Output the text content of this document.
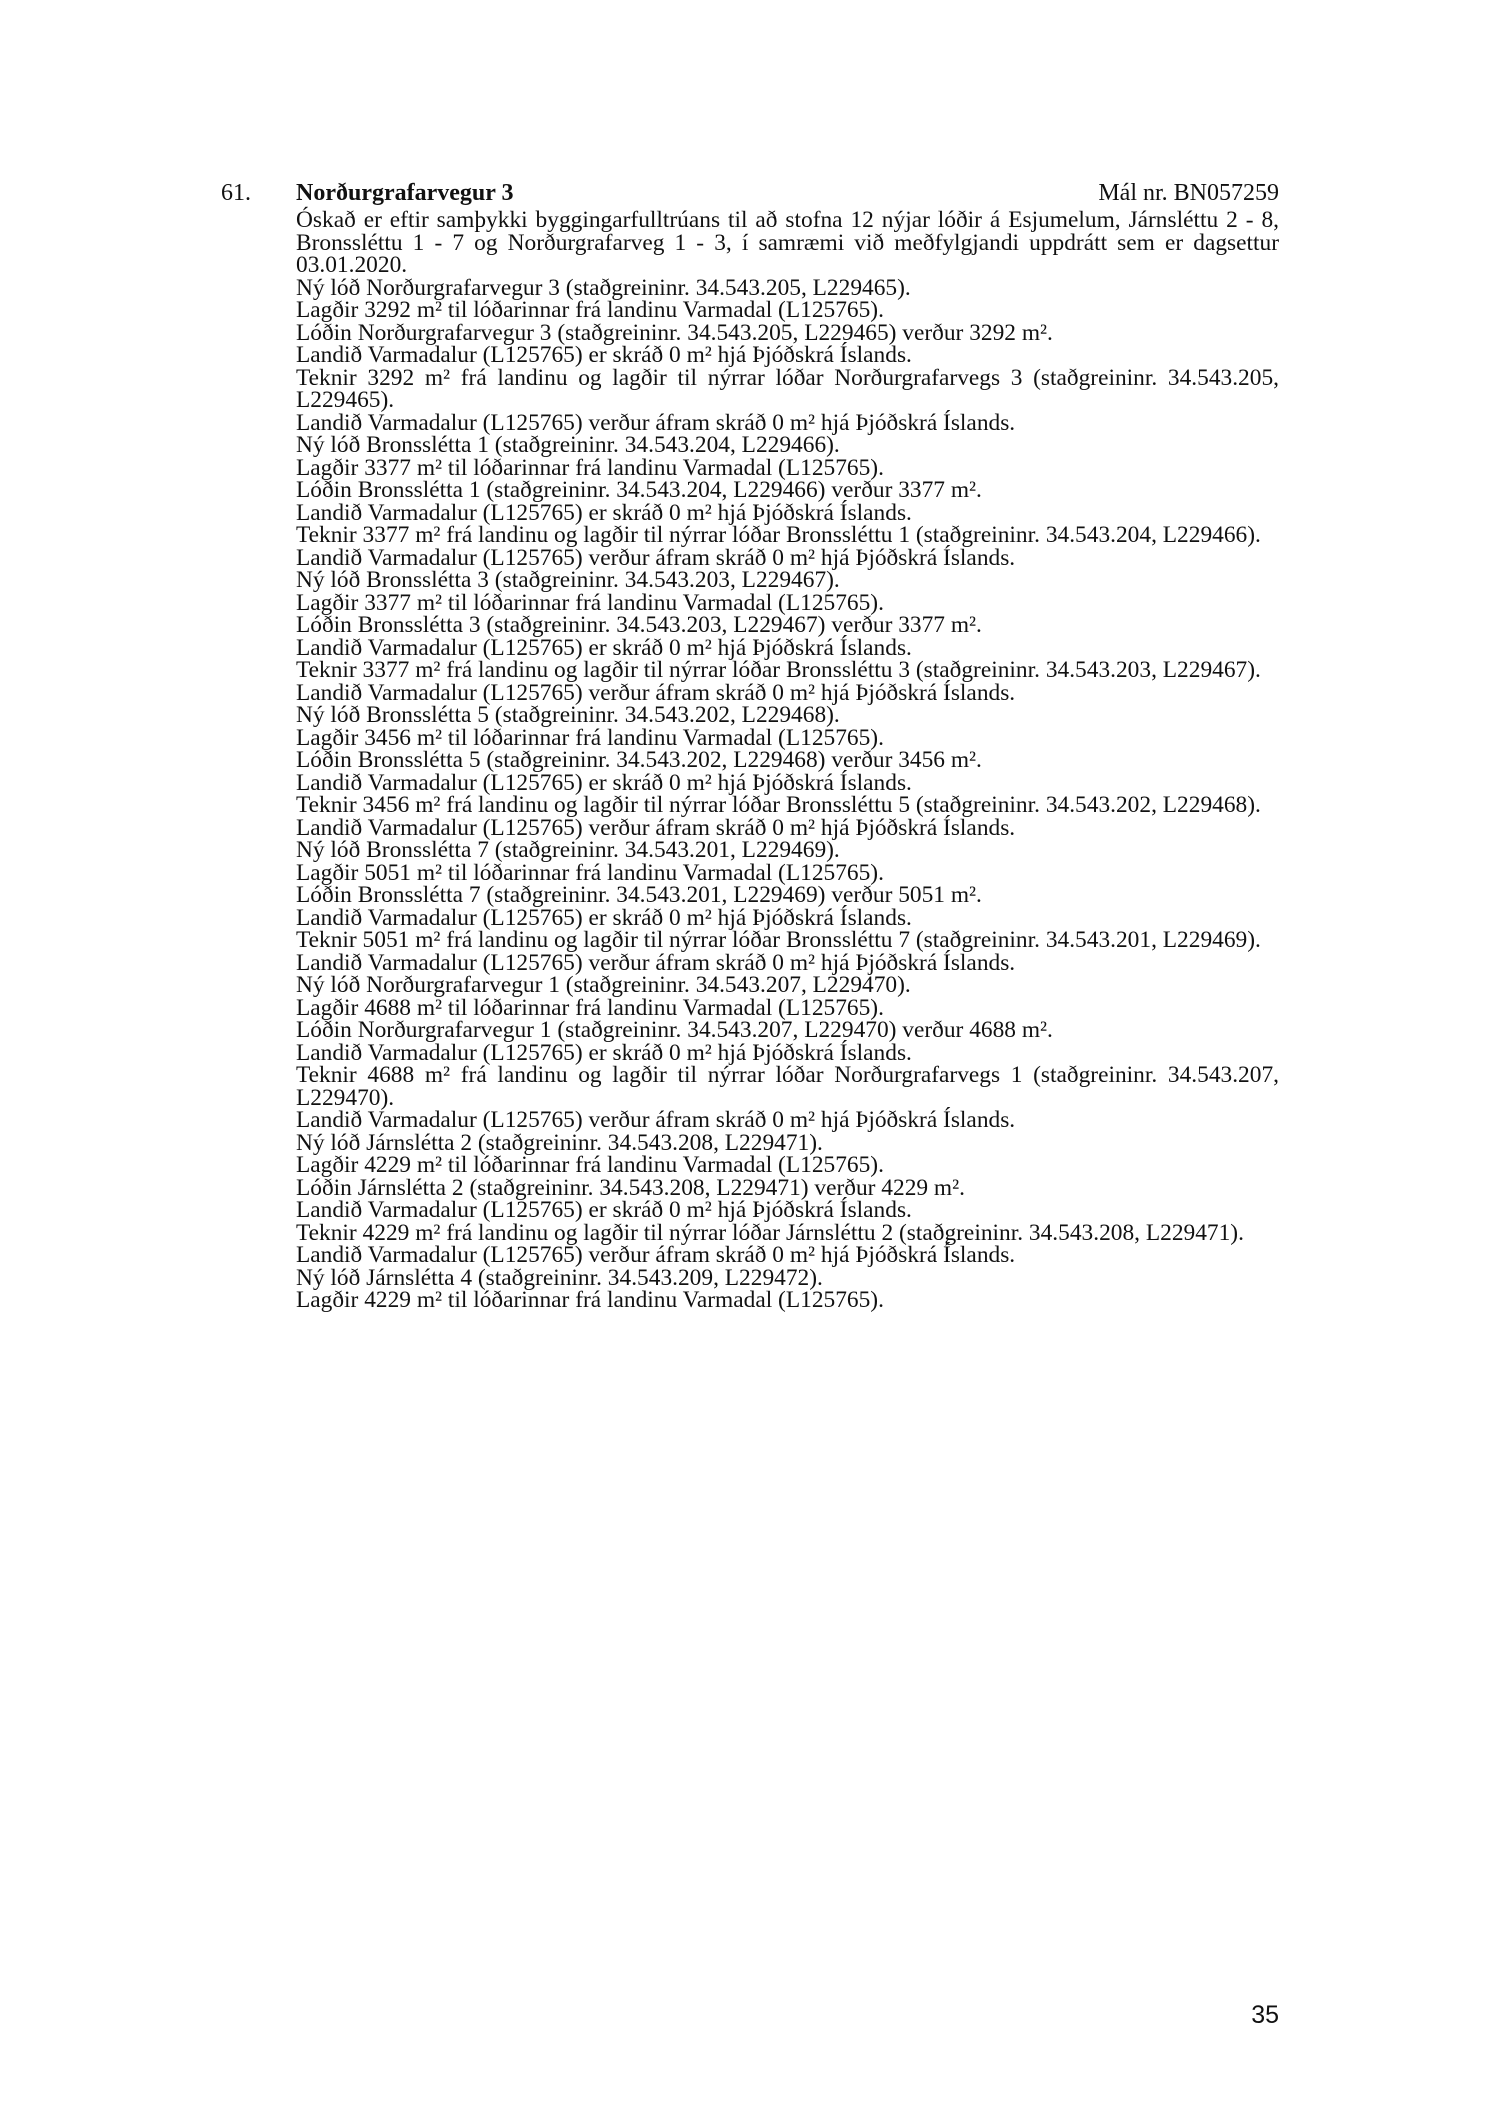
61. Norðurgrafarvegur 3	Mál nr. BN057259

Óskað er eftir samþykki byggingarfulltrúans til að stofna 12 nýjar lóðir á Esjumelum, Járnsléttu 2 - 8, Bronssléttu 1 - 7 og Norðurgrafarveg 1 - 3, í samræmi við meðfylgjandi uppdrátt sem er dagsettur 03.01.2020.

Ný lóð Norðurgrafarvegur 3 (staðgreininr. 34.543.205, L229465).

Lagðir 3292 m² til lóðarinnar frá landinu Varmadal (L125765).

Lóðin Norðurgrafarvegur 3 (staðgreininr. 34.543.205, L229465) verður 3292 m².

Landið Varmadalur (L125765) er skráð 0 m² hjá Þjóðskrá Íslands.

Teknir 3292 m² frá landinu og lagðir til nýrrar lóðar Norðurgrafarvegs 3 (staðgreininr. 34.543.205, L229465).

Landið Varmadalur (L125765) verður áfram skráð 0 m² hjá Þjóðskrá Íslands.

Ný lóð Bronsslétta 1 (staðgreininr. 34.543.204, L229466).

Lagðir 3377 m² til lóðarinnar frá landinu Varmadal (L125765).

Lóðin Bronsslétta 1 (staðgreininr. 34.543.204, L229466) verður 3377 m².

Landið Varmadalur (L125765) er skráð 0 m² hjá Þjóðskrá Íslands.

Teknir 3377 m² frá landinu og lagðir til nýrrar lóðar Bronssléttu 1 (staðgreininr. 34.543.204, L229466).

Landið Varmadalur (L125765) verður áfram skráð 0 m² hjá Þjóðskrá Íslands.

Ný lóð Bronsslétta 3 (staðgreininr. 34.543.203, L229467).

Lagðir 3377 m² til lóðarinnar frá landinu Varmadal (L125765).

Lóðin Bronsslétta 3 (staðgreininr. 34.543.203, L229467) verður 3377 m².

Landið Varmadalur (L125765) er skráð 0 m² hjá Þjóðskrá Íslands.

Teknir 3377 m² frá landinu og lagðir til nýrrar lóðar Bronssléttu 3 (staðgreininr. 34.543.203, L229467).

Landið Varmadalur (L125765) verður áfram skráð 0 m² hjá Þjóðskrá Íslands.

Ný lóð Bronsslétta 5 (staðgreininr. 34.543.202, L229468).

Lagðir 3456 m² til lóðarinnar frá landinu Varmadal (L125765).

Lóðin Bronsslétta 5 (staðgreininr. 34.543.202, L229468) verður 3456 m².

Landið Varmadalur (L125765) er skráð 0 m² hjá Þjóðskrá Íslands.

Teknir 3456 m² frá landinu og lagðir til nýrrar lóðar Bronssléttu 5 (staðgreininr. 34.543.202, L229468).

Landið Varmadalur (L125765) verður áfram skráð 0 m² hjá Þjóðskrá Íslands.

Ný lóð Bronsslétta 7 (staðgreininr. 34.543.201, L229469).

Lagðir 5051 m² til lóðarinnar frá landinu Varmadal (L125765).

Lóðin Bronsslétta 7 (staðgreininr. 34.543.201, L229469) verður 5051 m².

Landið Varmadalur (L125765) er skráð 0 m² hjá Þjóðskrá Íslands.

Teknir 5051 m² frá landinu og lagðir til nýrrar lóðar Bronssléttu 7 (staðgreininr. 34.543.201, L229469).

Landið Varmadalur (L125765) verður áfram skráð 0 m² hjá Þjóðskrá Íslands.

Ný lóð Norðurgrafarvegur 1 (staðgreininr. 34.543.207, L229470).

Lagðir 4688 m² til lóðarinnar frá landinu Varmadal (L125765).

Lóðin Norðurgrafarvegur 1 (staðgreininr. 34.543.207, L229470) verður 4688 m².

Landið Varmadalur (L125765) er skráð 0 m² hjá Þjóðskrá Íslands.

Teknir 4688 m² frá landinu og lagðir til nýrrar lóðar Norðurgrafarvegs 1 (staðgreininr. 34.543.207, L229470).

Landið Varmadalur (L125765) verður áfram skráð 0 m² hjá Þjóðskrá Íslands.

Ný lóð Járnslétta 2 (staðgreininr. 34.543.208, L229471).

Lagðir 4229 m² til lóðarinnar frá landinu Varmadal (L125765).

Lóðin Járnslétta 2 (staðgreininr. 34.543.208, L229471) verður 4229 m².

Landið Varmadalur (L125765) er skráð 0 m² hjá Þjóðskrá Íslands.

Teknir 4229 m² frá landinu og lagðir til nýrrar lóðar Járnsléttu 2 (staðgreininr. 34.543.208, L229471).

Landið Varmadalur (L125765) verður áfram skráð 0 m² hjá Þjóðskrá Íslands.

Ný lóð Járnslétta 4 (staðgreininr. 34.543.209, L229472).

Lagðir 4229 m² til lóðarinnar frá landinu Varmadal (L125765).

35
